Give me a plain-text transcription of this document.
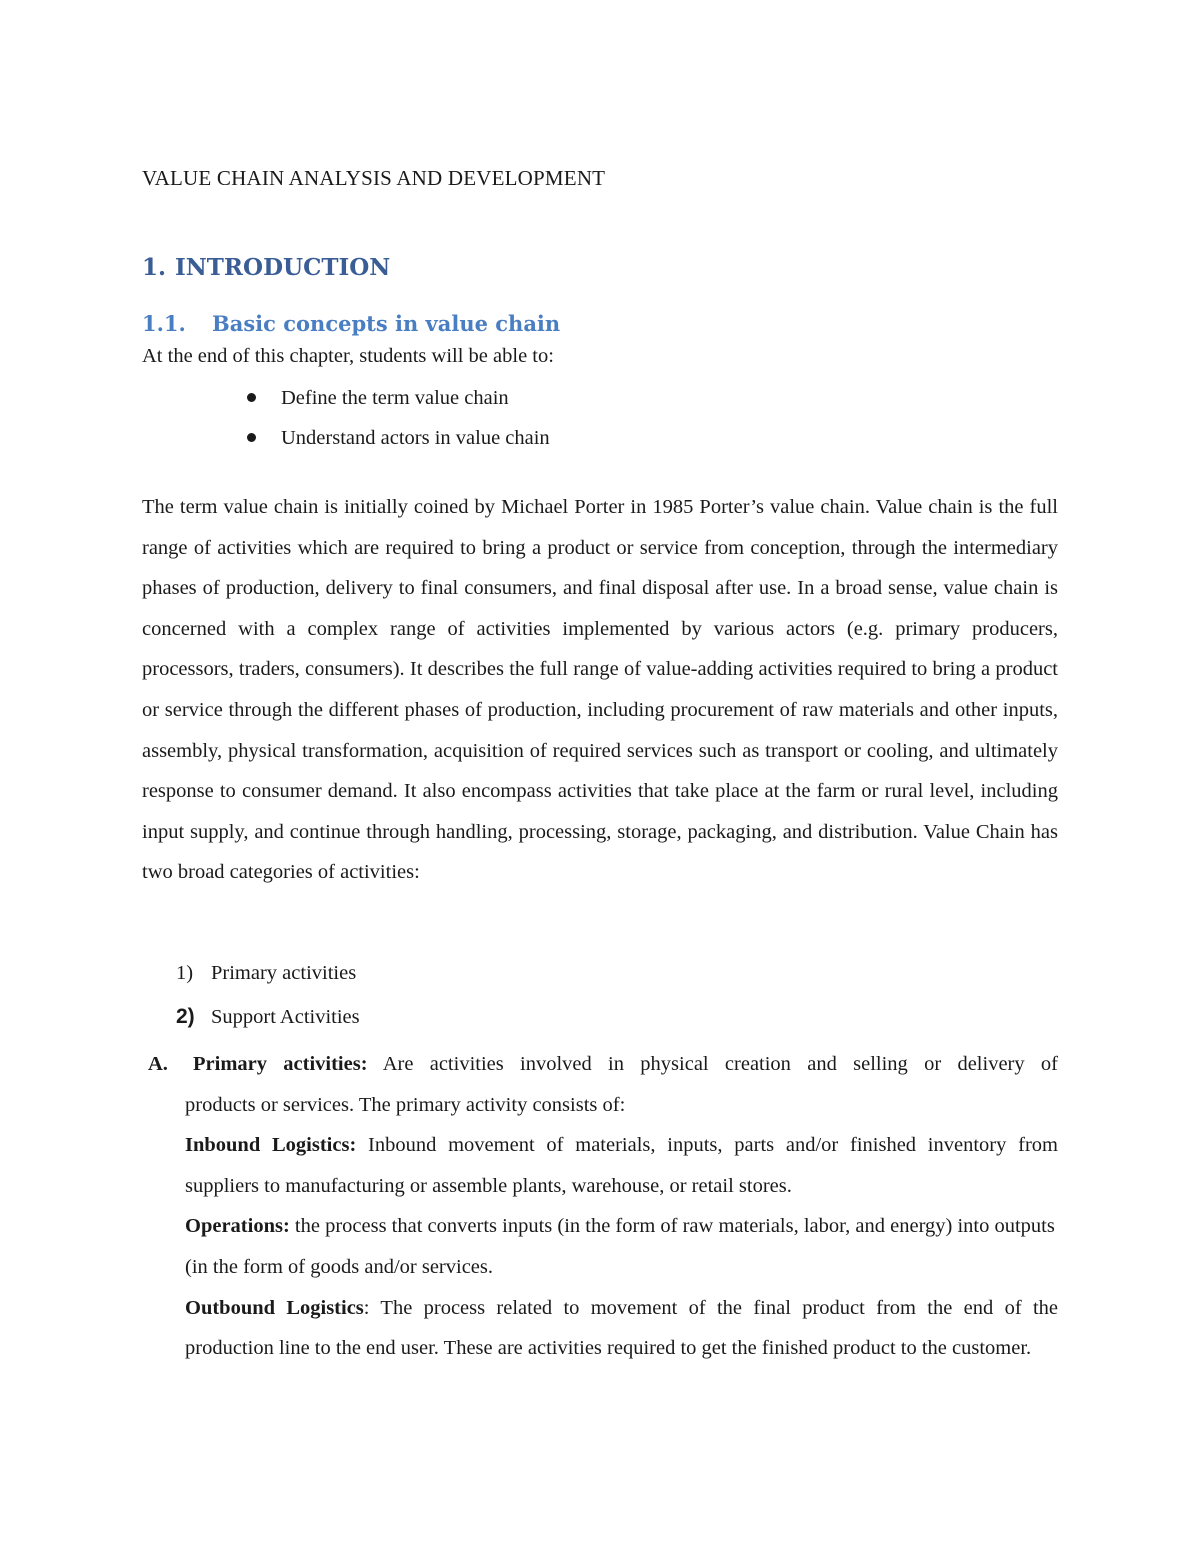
VALUE CHAIN ANALYSIS AND DEVELOPMENT
1. INTRODUCTION
1.1. Basic concepts in value chain

At the end of this chapter, students will be able to:

Define the term value chain
Understand actors in value chain

The term value chain is initially coined by Michael Porter in 1985 Porter’s value chain. Value chain is the full range of activities which are required to bring a product or service from conception, through the intermediary phases of production, delivery to final consumers, and final disposal after use. In a broad sense, value chain is concerned with a complex range of activities implemented by various actors (e.g. primary producers, processors, traders, consumers). It describes the full range of value-adding activities required to bring a product or service through the different phases of production, including procurement of raw materials and other inputs, assembly, physical transformation, acquisition of required services such as transport or cooling, and ultimately response to consumer demand. It also encompass activities that take place at the farm or rural level, including input supply, and continue through handling, processing, storage, packaging, and distribution. Value Chain has two broad categories of activities:

1) Primary activities
2) Support Activities
A. Primary activities: Are activities involved in physical creation and selling or delivery of

products or services. The primary activity consists of:

Inbound Logistics: Inbound movement of materials, inputs, parts and/or finished inventory from suppliers to manufacturing or assemble plants, warehouse, or retail stores.

Operations: the process that converts inputs (in the form of raw materials, labor, and energy) into outputs (in the form of goods and/or services.

Outbound Logistics: The process related to movement of the final product from the end of the production line to the end user. These are activities required to get the finished product to the customer.
